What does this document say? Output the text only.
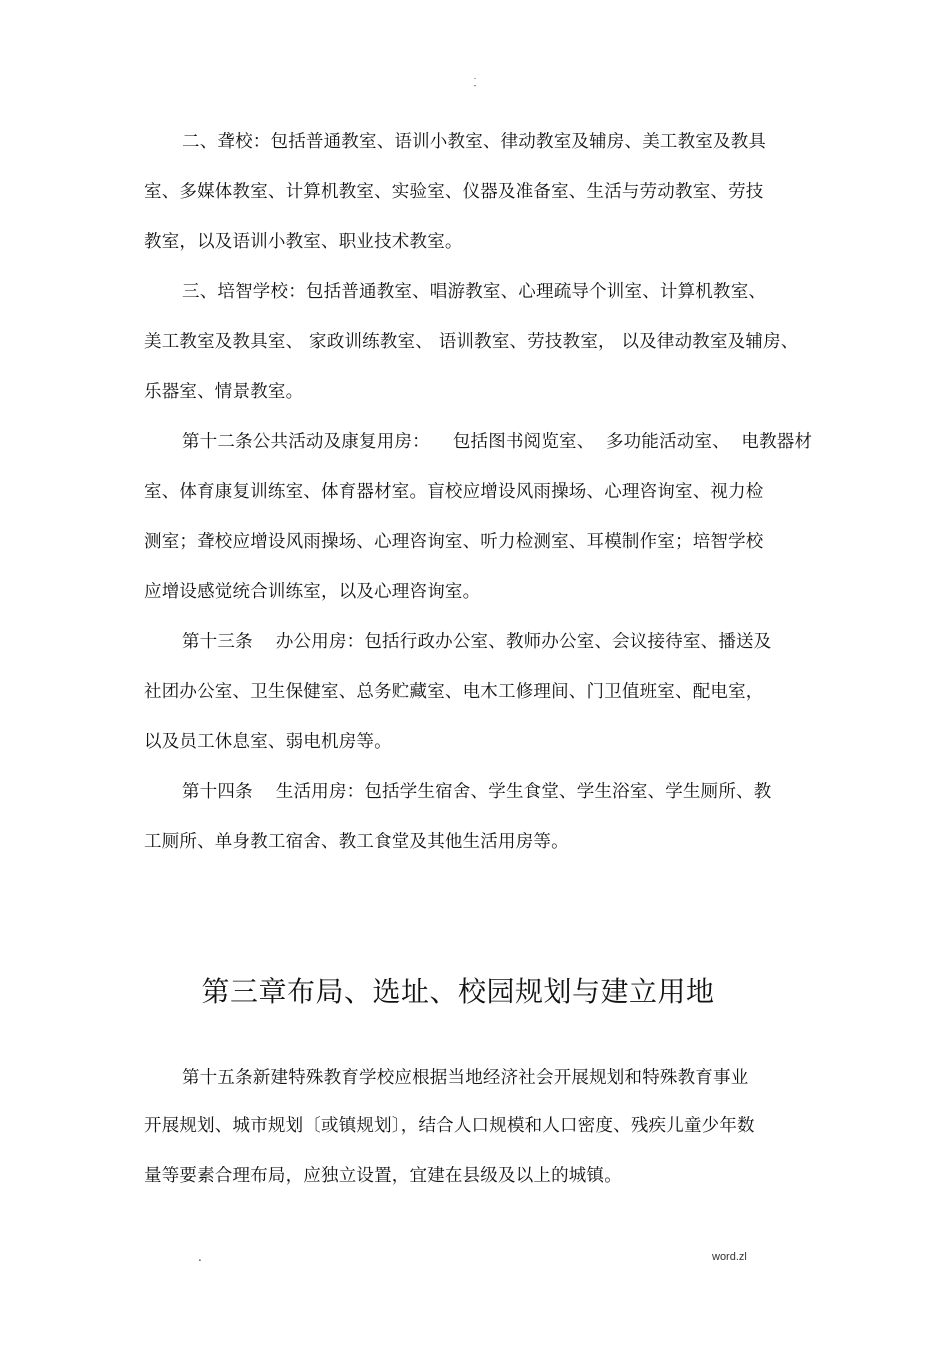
.
-
二、聋校：包括普通教室、语训小教室、律动教室及辅房、美工教室及教具
室、多媒体教室、计算机教室、实验室、仪器及准备室、生活与劳动教室、劳技
教室，以及语训小教室、职业技术教室。
三、培智学校：包括普通教室、唱游教室、心理疏导个训室、计算机教室、
美工教室及教具室、 家政训练教室、 语训教室、劳技教室， 以及律动教室及辅房、
乐器室、情景教室。
第十二条公共活动及康复用房：    包括图书阅览室、  多功能活动室、  电教器材
室、体育康复训练室、体育器材室。盲校应增设风雨操场、心理咨询室、视力检
测室；聋校应增设风雨操场、心理咨询室、听力检测室、耳模制作室；培智学校
应增设感觉统合训练室，以及心理咨询室。
第十三条    办公用房：包括行政办公室、教师办公室、会议接待室、播送及
社团办公室、卫生保健室、总务贮藏室、电木工修理间、门卫值班室、配电室，
以及员工休息室、弱电机房等。
第十四条    生活用房：包括学生宿舍、学生食堂、学生浴室、学生厕所、教
工厕所、单身教工宿舍、教工食堂及其他生活用房等。
第三章布局、选址、校园规划与建立用地
第十五条新建特殊教育学校应根据当地经济社会开展规划和特殊教育事业
开展规划、城市规划〔或镇规划〕，结合人口规模和人口密度、残疾儿童少年数
量等要素合理布局，应独立设置，宜建在县级及以上的城镇。
.	word.zl
